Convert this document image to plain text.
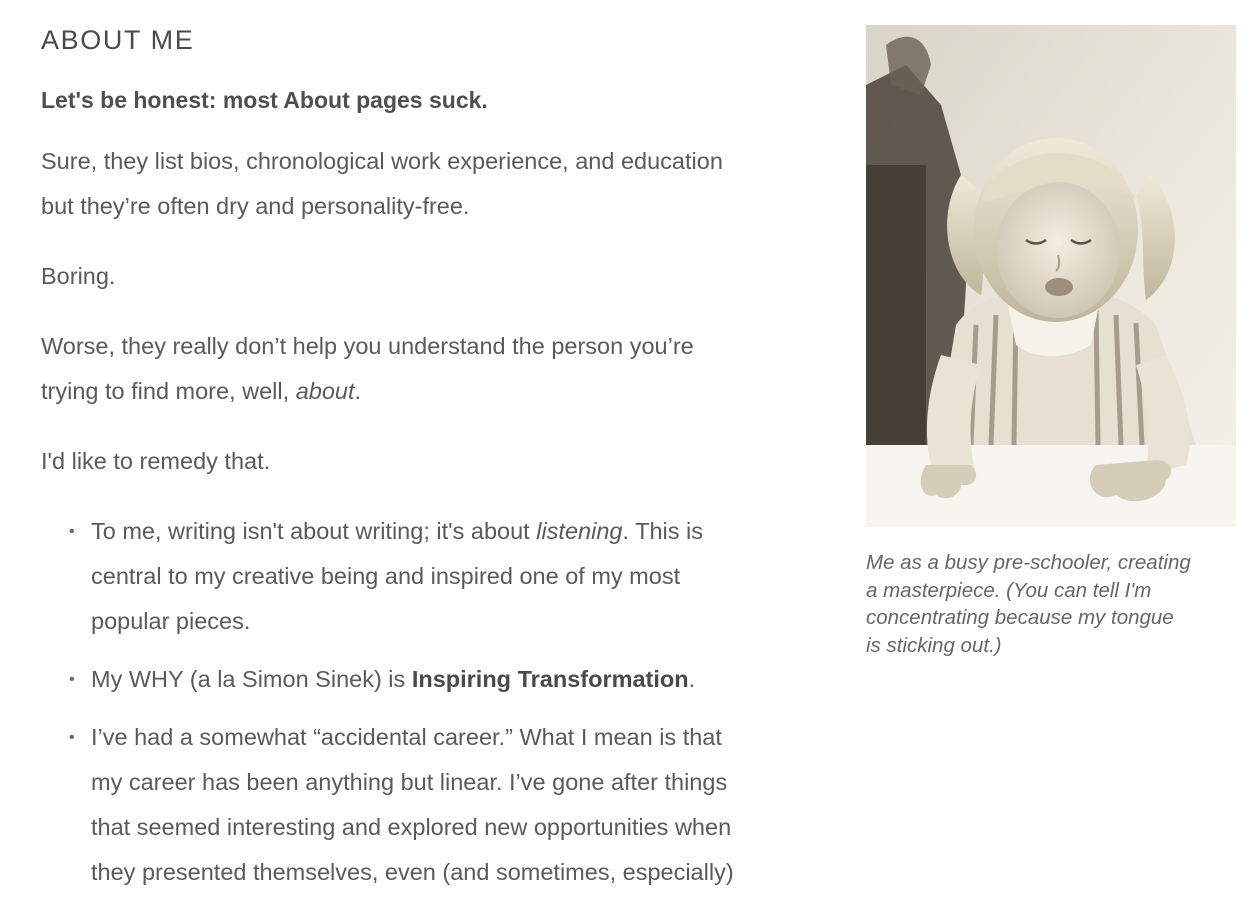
ABOUT ME
Let's be honest: most About pages suck.

Sure, they list bios, chronological work experience, and education
but they’re often dry and personality-free.

Boring.

Worse, they really don’t help you understand the person you’re
trying to find more, well, about.

I'd like to remedy that.

• To me, writing isn't about writing; it's about listening. This is
central to my creative being and inspired one of my most
popular pieces.
• My WHY (a la Simon Sinek) is Inspiring Transformation.
• I’ve had a somewhat “accidental career.” What I mean is that
my career has been anything but linear. I’ve gone after things
that seemed interesting and explored new opportunities when
they presented themselves, even (and sometimes, especially)
Me as a busy pre-schooler, creating
a masterpiece. (You can tell I'm
concentrating because my tongue
is sticking out.)
